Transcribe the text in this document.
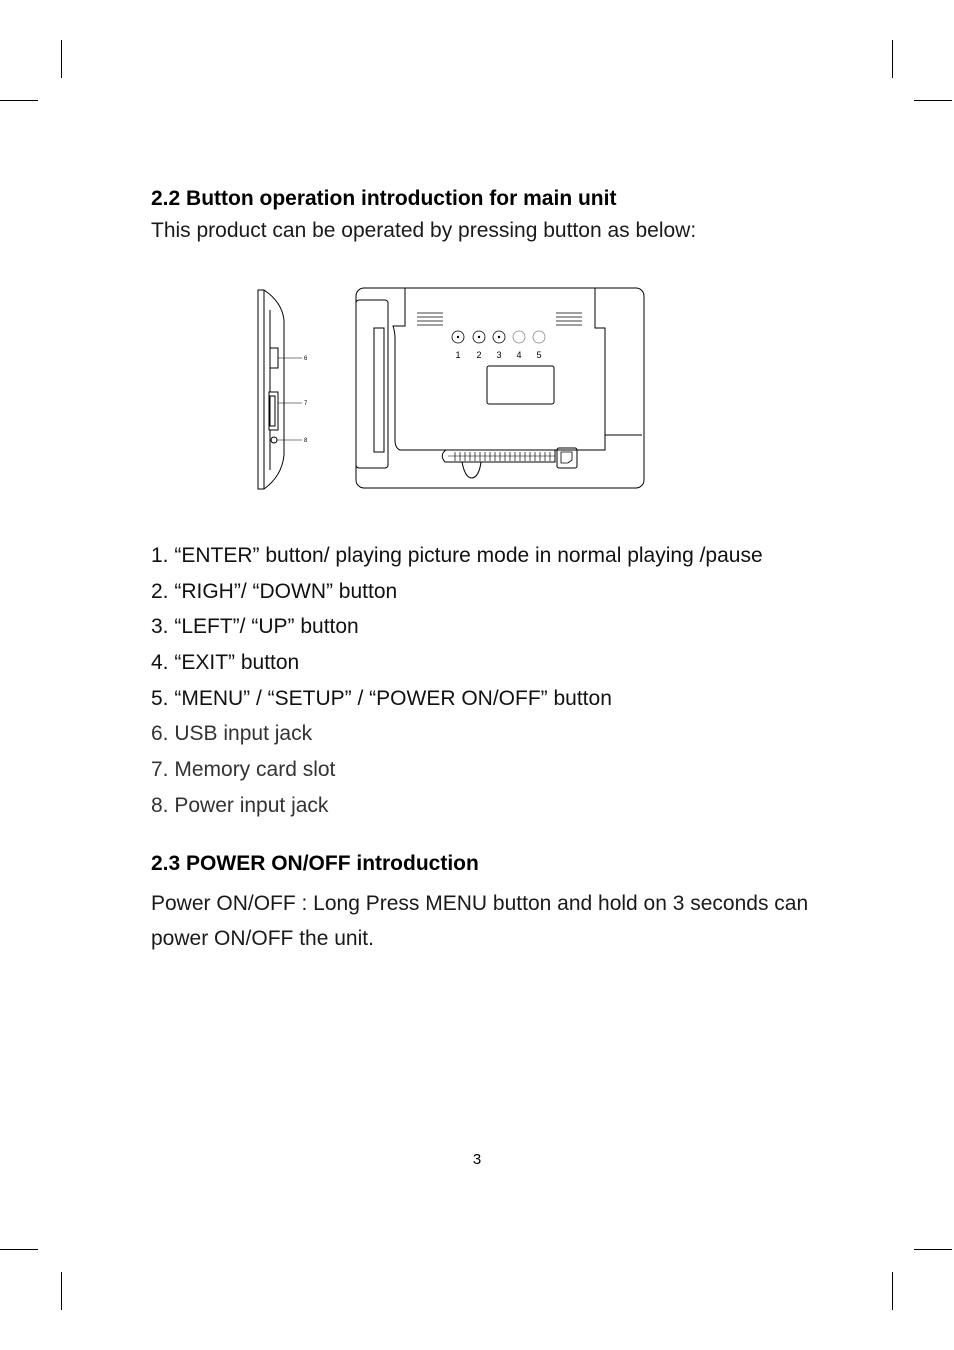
2.2 Button operation introduction for main unit

This product can be operated by pressing button as below:

6
7
8
1 2 3 4 5
1. “ENTER” button/ playing picture mode in normal playing /pause
2. “RIGH”/ “DOWN” button
3. “LEFT”/ “UP” button
4. “EXIT” button
5. “MENU” / “SETUP” / “POWER ON/OFF” button
6. USB input jack
7. Memory card slot
8. Power input jack
2.3 POWER ON/OFF introduction

Power ON/OFF : Long Press MENU button and hold on 3 seconds can power ON/OFF the unit.

3
